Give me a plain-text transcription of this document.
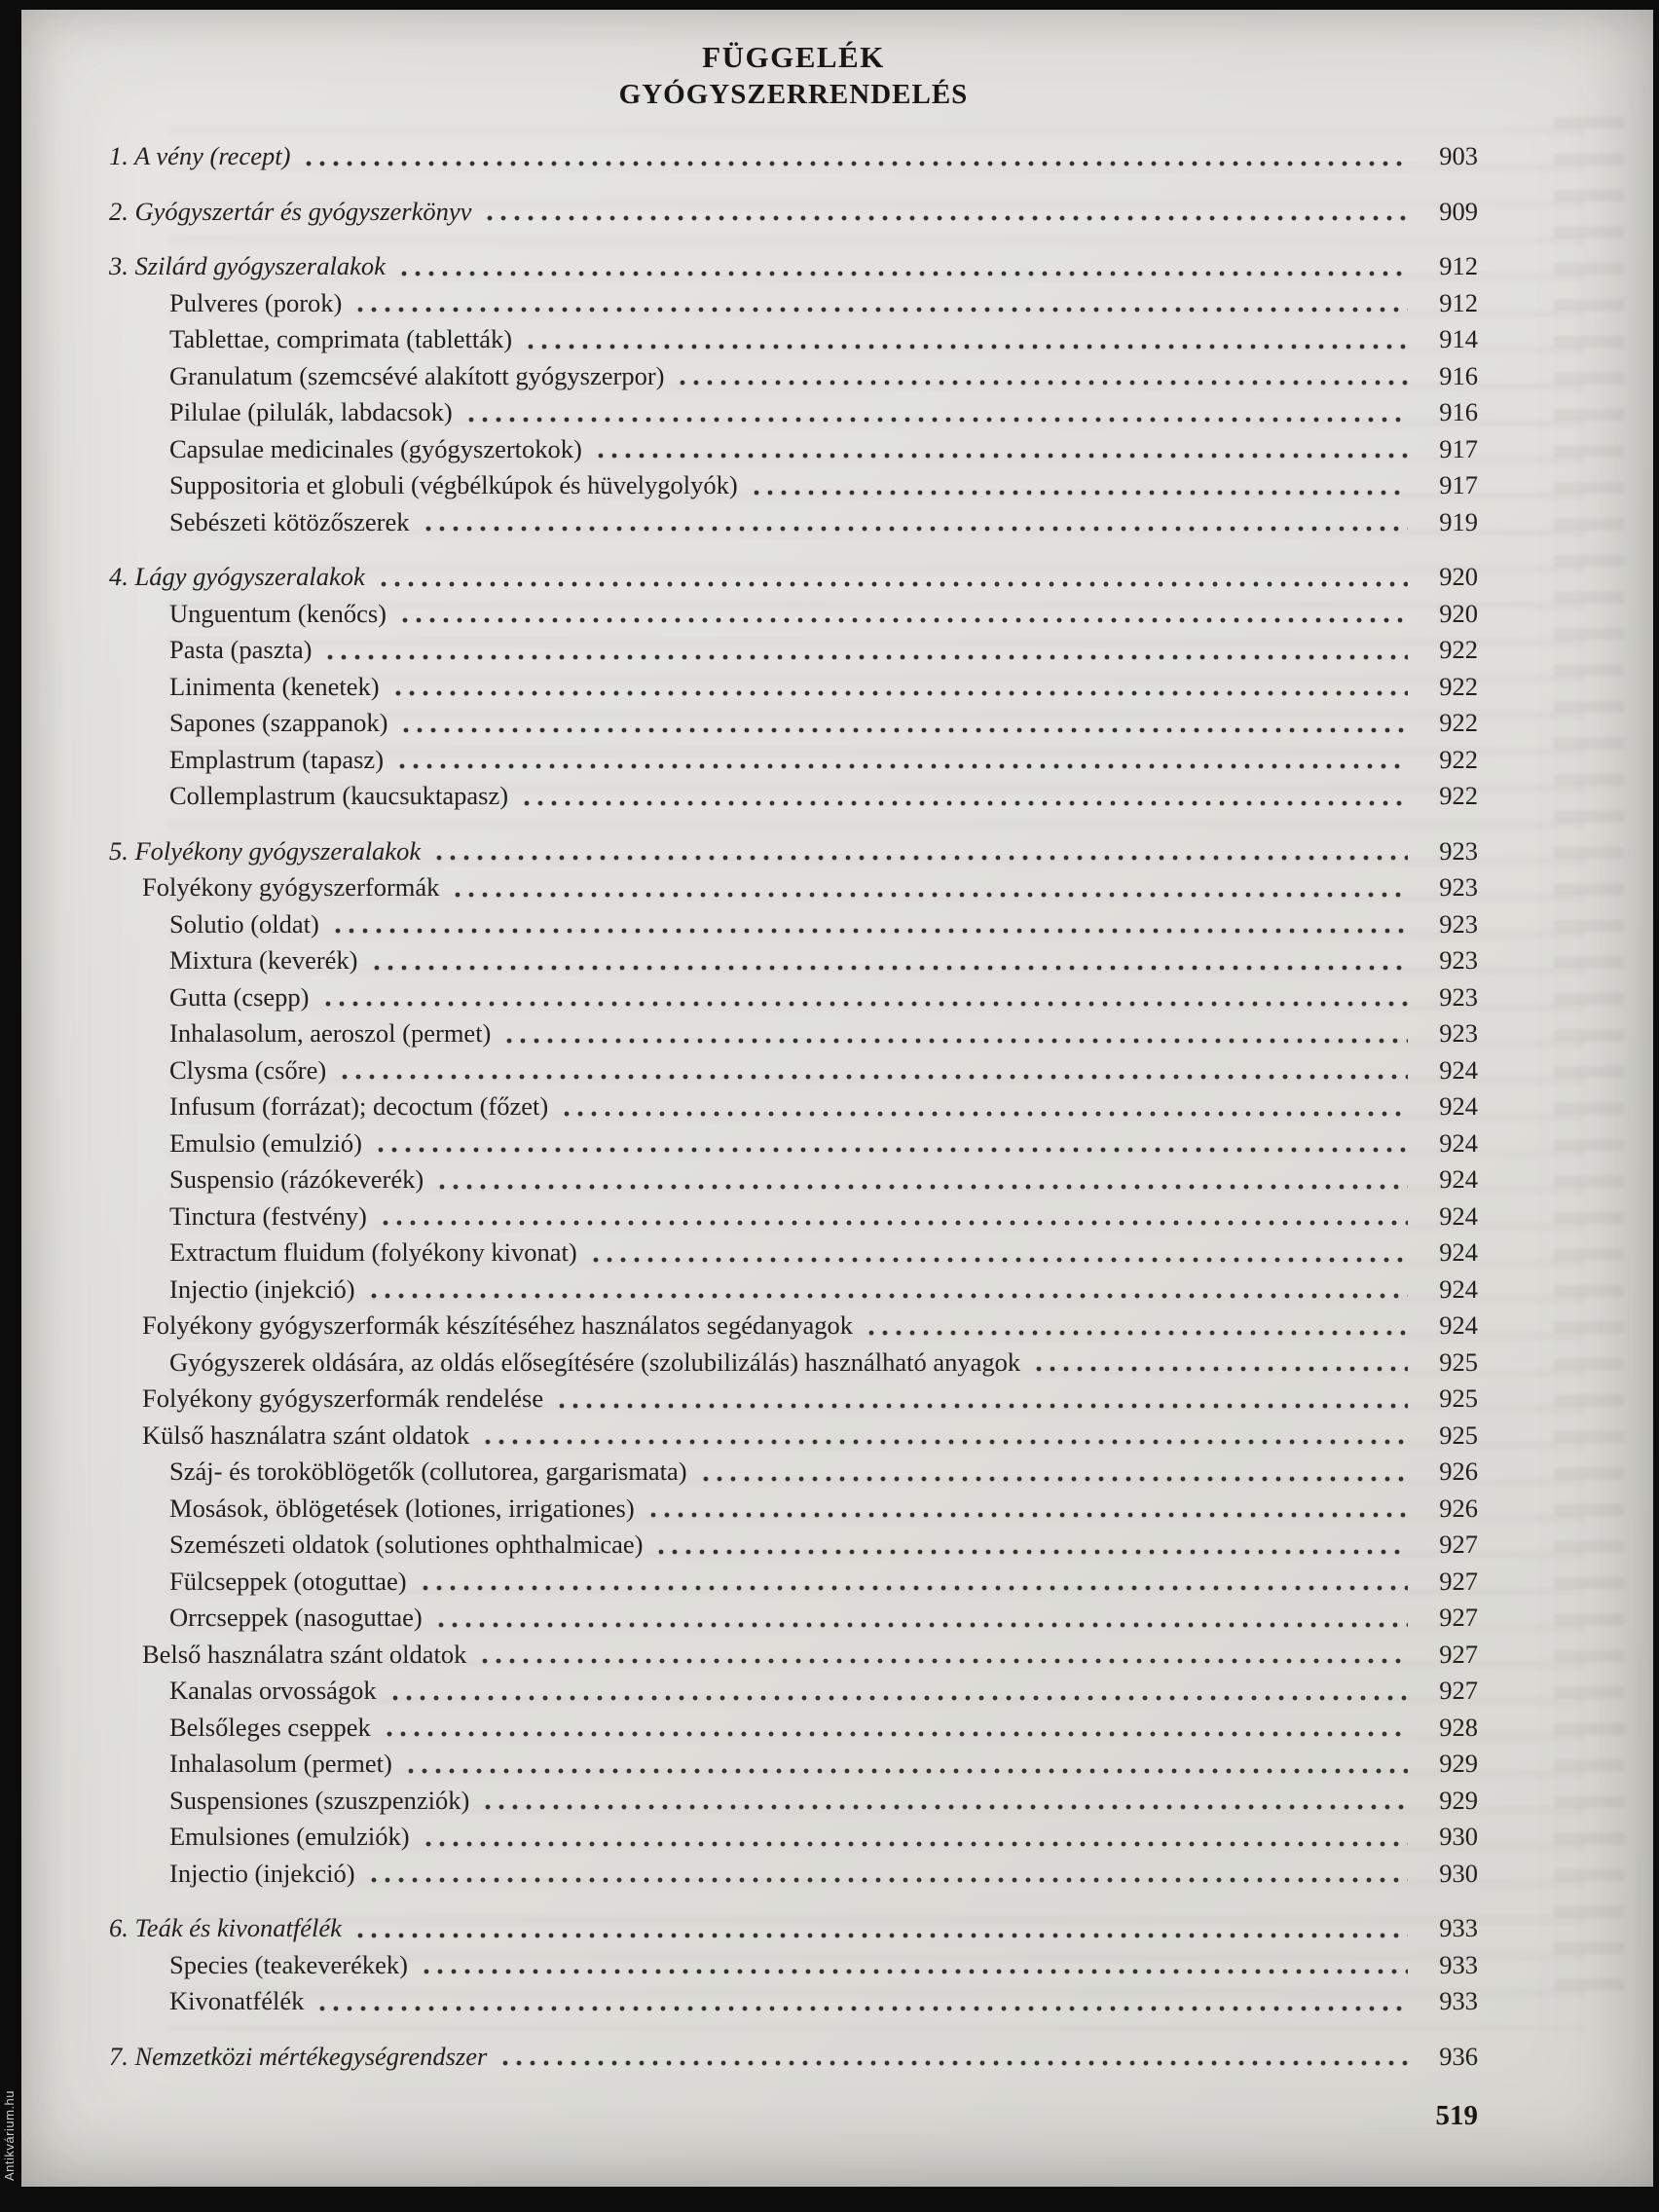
FÜGGELÉK
GYÓGYSZERRENDELÉS
1. A vény (recept)	903
2. Gyógyszertár és gyógyszerkönyv	909
3. Szilárd gyógyszeralakok	912
Pulveres (porok)	912
Tablettae, comprimata (tabletták)	914
Granulatum (szemcsévé alakított gyógyszerpor)	916
Pilulae (pilulák, labdacsok)	916
Capsulae medicinales (gyógyszertokok)	917
Suppositoria et globuli (végbélkúpok és hüvelygolyók)	917
Sebészeti kötözőszerek	919
4. Lágy gyógyszeralakok	920
Unguentum (kenőcs)	920
Pasta (paszta)	922
Linimenta (kenetek)	922
Sapones (szappanok)	922
Emplastrum (tapasz)	922
Collemplastrum (kaucsuktapasz)	922
5. Folyékony gyógyszeralakok	923
Folyékony gyógyszerformák	923
Solutio (oldat)	923
Mixtura (keverék)	923
Gutta (csepp)	923
Inhalasolum, aeroszol (permet)	923
Clysma (csőre)	924
Infusum (forrázat); decoctum (főzet)	924
Emulsio (emulzió)	924
Suspensio (rázókeverék)	924
Tinctura (festvény)	924
Extractum fluidum (folyékony kivonat)	924
Injectio (injekció)	924
Folyékony gyógyszerformák készítéséhez használatos segédanyagok	924
Gyógyszerek oldására, az oldás elősegítésére (szolubilizálás) használható anyagok	925
Folyékony gyógyszerformák rendelése	925
Külső használatra szánt oldatok	925
Száj- és toroköblögetők (collutorea, gargarismata)	926
Mosások, öblögetések (lotiones, irrigationes)	926
Szemészeti oldatok (solutiones ophthalmicae)	927
Fülcseppek (otoguttae)	927
Orrcseppek (nasoguttae)	927
Belső használatra szánt oldatok	927
Kanalas orvosságok	927
Belsőleges cseppek	928
Inhalasolum (permet)	929
Suspensiones (szuszpenziók)	929
Emulsiones (emulziók)	930
Injectio (injekció)	930
6. Teák és kivonatfélék	933
Species (teakeverékek)	933
Kivonatfélék	933
7. Nemzetközi mértékegységrendszer	936
519
Antikvárium.hu
